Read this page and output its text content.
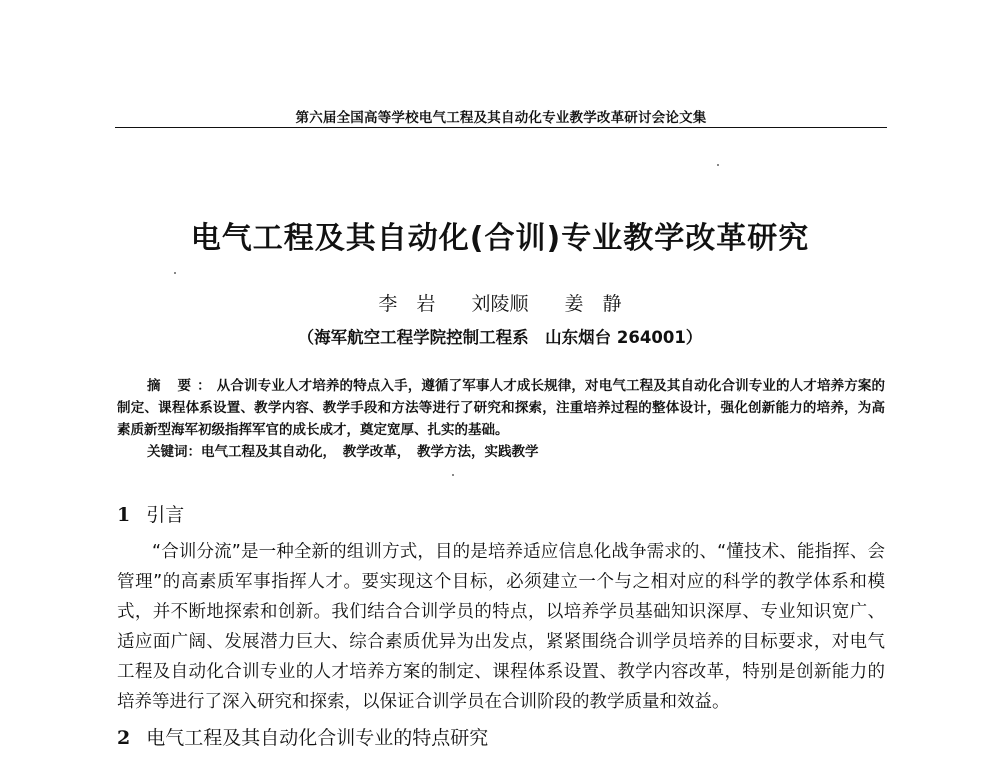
第六届全国高等学校电气工程及其自动化专业教学改革研讨会论文集
电气工程及其自动化(合训)专业教学改革研究
李　岩 刘陵顺 姜　静
（海军航空工程学院控制工程系　山东烟台 264001）
摘 要：从合训专业人才培养的特点入手，遵循了军事人才成长规律，对电气工程及其自动化合训专业的人才培养方案的制定、课程体系设置、教学内容、教学手段和方法等进行了研究和探索，注重培养过程的整体设计，强化创新能力的培养，为高素质新型海军初级指挥军官的成长成才，奠定宽厚、扎实的基础。
关键词：电气工程及其自动化，　教学改革，　教学方法，实践教学
1 引言
“合训分流”是一种全新的组训方式，目的是培养适应信息化战争需求的、“懂技术、能指挥、会管理”的高素质军事指挥人才。要实现这个目标，必须建立一个与之相对应的科学的教学体系和模式，并不断地探索和创新。我们结合合训学员的特点，以培养学员基础知识深厚、专业知识宽广、适应面广阔、发展潜力巨大、综合素质优异为出发点，紧紧围绕合训学员培养的目标要求，对电气工程及自动化合训专业的人才培养方案的制定、课程体系设置、教学内容改革，特别是创新能力的培养等进行了深入研究和探索，以保证合训学员在合训阶段的教学质量和效益。
2 电气工程及其自动化合训专业的特点研究
